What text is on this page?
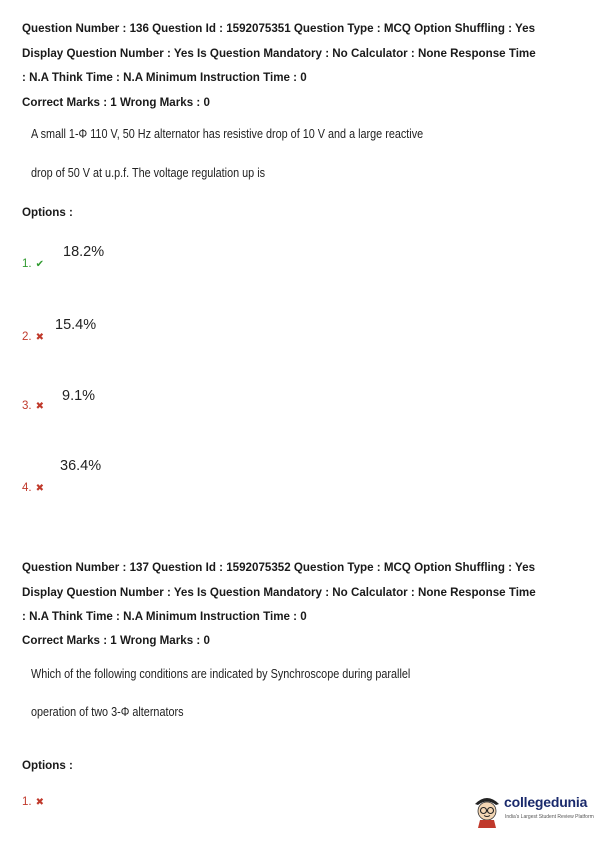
Question Number : 136 Question Id : 1592075351 Question Type : MCQ Option Shuffling : Yes
Display Question Number : Yes Is Question Mandatory : No Calculator : None Response Time
: N.A Think Time : N.A Minimum Instruction Time : 0
Correct Marks : 1 Wrong Marks : 0
A small 1-Φ 110 V, 50 Hz alternator has resistive drop of 10 V and a large reactive
drop of 50 V at u.p.f. The voltage regulation up is
Options :
1. ✔
18.2%
2. ✖
15.4%
3. ✖
9.1%
4. ✖
36.4%
Question Number : 137 Question Id : 1592075352 Question Type : MCQ Option Shuffling : Yes
Display Question Number : Yes Is Question Mandatory : No Calculator : None Response Time
: N.A Think Time : N.A Minimum Instruction Time : 0
Correct Marks : 1 Wrong Marks : 0
Which of the following conditions are indicated by Synchroscope during parallel
operation of two 3-Φ alternators
Options :
1. ✖	collegedunia
India's Largest Student Review Platform
